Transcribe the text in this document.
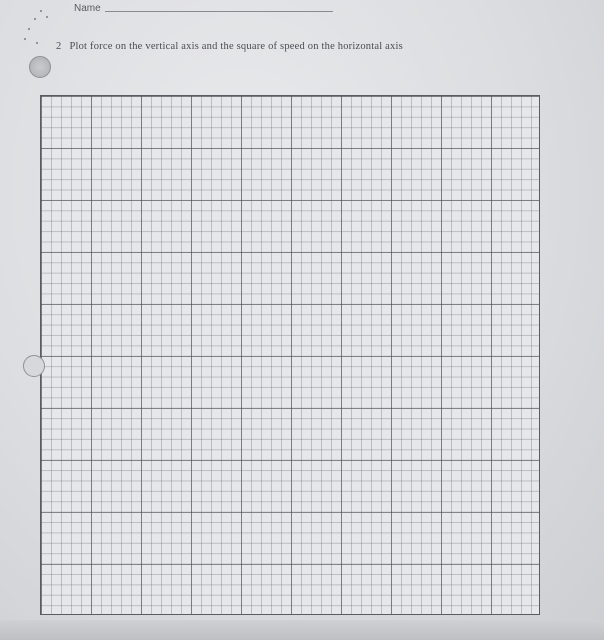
Name
2 Plot force on the vertical axis and the square of speed on the horizontal axis
